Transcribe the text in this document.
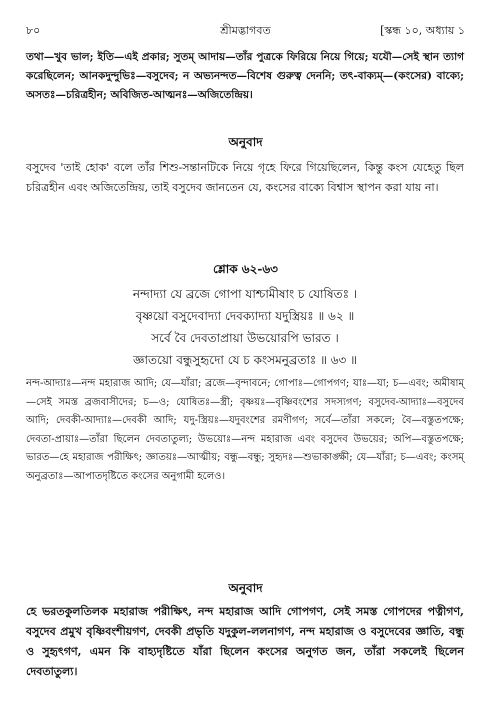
৮০	শ্রীমদ্ভাগবত	[স্কন্ধ ১০, অধ্যায় ১

তথা—খুব ভাল; ইতি—এই প্রকার; সুতম্ আদায়—তাঁর পুত্রকে ফিরিয়ে নিয়ে গিয়ে; যযৌ—সেই স্থান ত্যাগ করেছিলেন; আনকদুন্দুভিঃ—বসুদেব; ন অভ্যনন্দত—বিশেষ গুরুত্ব দেননি; তৎ-বাক্যম্—(কংসের) বাক্যে; অসতঃ—চরিত্রহীন; অবিজিত-আত্মনঃ—অজিতেন্দ্রিয়।

অনুবাদ

বসুদেব 'তাই হোক' বলে তাঁর শিশু-সন্তানটিকে নিয়ে গৃহে ফিরে গিয়েছিলেন, কিন্তু কংস যেহেতু ছিল চরিত্রহীন এবং অজিতেন্দ্রিয়, তাই বসুদেব জানতেন যে, কংসের বাক্যে বিশ্বাস স্থাপন করা যায় না।

শ্লোক ৬২-৬৩
নন্দাদ্যা যে ব্রজে গোপা যাশ্চামীষাং চ যোষিতঃ ।
বৃষ্ণয়ো বসুদেবাদ্যা দেবক্যাদ্যা যদুস্ত্রিয়ঃ ॥ ৬২ ॥
সর্বে বৈ দেবতাপ্রায়া উভয়োরপি ভারত ।
জ্ঞাতয়ো বন্ধুসুহৃদো যে চ কংসমনুব্রতাঃ ॥ ৬৩ ॥

নন্দ-আদ্যাঃ—নন্দ মহারাজ আদি; যে—যাঁরা; ব্রজে—বৃন্দাবনে; গোপাঃ—গোপগণ; যাঃ—যা; চ—এবং; অমীষাম্—সেই সমস্ত ব্রজবাসীদের; চ—ও; যোষিতঃ—স্ত্রী; বৃষ্ণয়ঃ—বৃষ্ণিবংশের সদস্যগণ; বসুদেব-আদ্যাঃ—বসুদেব আদি; দেবকী-আদ্যাঃ—দেবকী আদি; যদু-স্ত্রিয়ঃ—যদুবংশের রমণীগণ; সর্বে—তাঁরা সকলে; বৈ—বস্তুতপক্ষে; দেবতা-প্রায়াঃ—তাঁরা ছিলেন দেবতাতুল্য; উভয়োঃ—নন্দ মহারাজ এবং বসুদেব উভয়ের; অপি—বস্তুতপক্ষে; ভারত—হে মহারাজ পরীক্ষিৎ; জ্ঞাতয়ঃ—আত্মীয়; বন্ধু—বন্ধু; সুহৃদঃ—শুভাকাঙ্ক্ষী; যে—যাঁরা; চ—এবং; কংসম্ অনুব্রতাঃ—আপাতদৃষ্টিতে কংসের অনুগামী হলেও।

অনুবাদ

হে ভরতকুলতিলক মহারাজ পরীক্ষিৎ, নন্দ মহারাজ আদি গোপগণ, সেই সমস্ত গোপদের পত্নীগণ, বসুদেব প্রমুখ বৃষ্ণিবংশীয়গণ, দেবকী প্রভৃতি যদুকুল-ললনাগণ, নন্দ মহারাজ ও বসুদেবের জ্ঞাতি, বন্ধু ও সুহৃৎগণ, এমন কি বাহ্যদৃষ্টিতে যাঁরা ছিলেন কংসের অনুগত জন, তাঁরা সকলেই ছিলেন দেবতাতুল্য।
